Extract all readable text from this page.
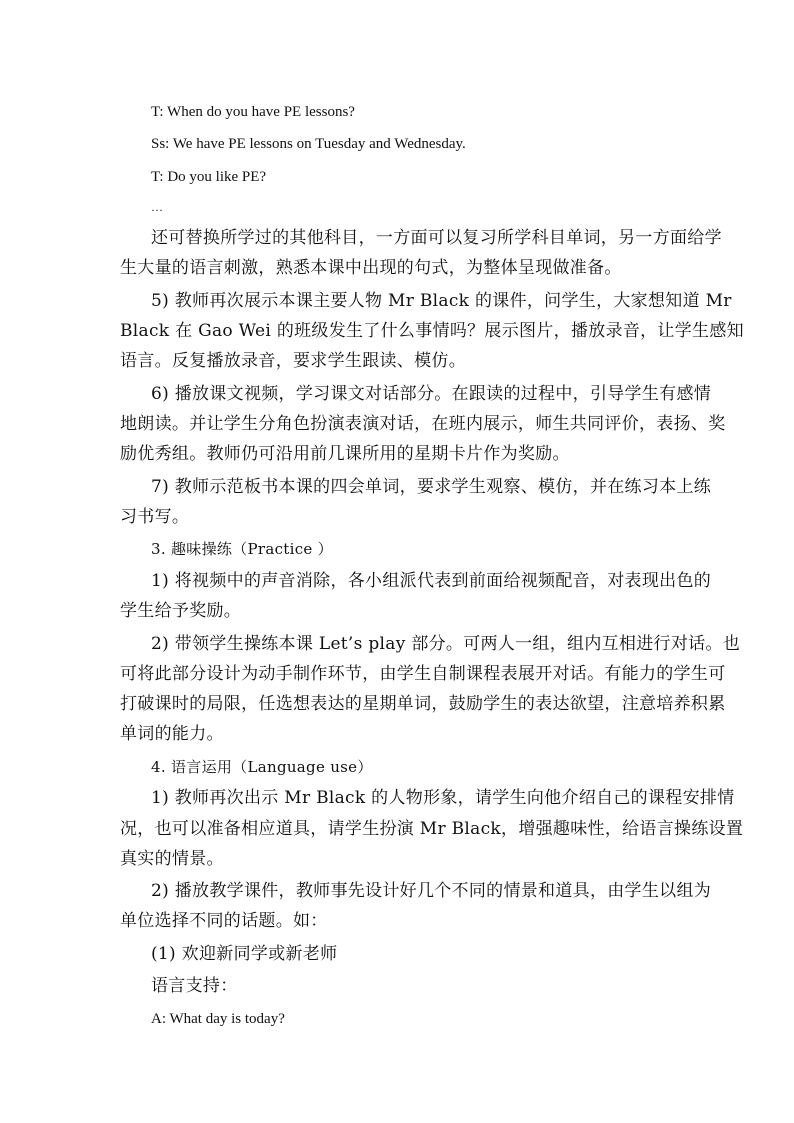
T: When do you have PE lessons?

Ss: We have PE lessons on Tuesday and Wednesday.

T: Do you like PE?

…

还可替换所学过的其他科目，一方面可以复习所学科目单词，另一方面给学

生大量的语言刺激，熟悉本课中出现的句式，为整体呈现做准备。

5) 教师再次展示本课主要人物 Mr Black 的课件，问学生，大家想知道 Mr

Black 在 Gao Wei 的班级发生了什么事情吗？展示图片，播放录音，让学生感知

语言。反复播放录音，要求学生跟读、模仿。

6) 播放课文视频，学习课文对话部分。在跟读的过程中，引导学生有感情

地朗读。并让学生分角色扮演表演对话，在班内展示，师生共同评价，表扬、奖

励优秀组。教师仍可沿用前几课所用的星期卡片作为奖励。

7) 教师示范板书本课的四会单词，要求学生观察、模仿，并在练习本上练

习书写。

3. 趣味操练（Practice ）

1) 将视频中的声音消除，各小组派代表到前面给视频配音，对表现出色的

学生给予奖励。

2) 带领学生操练本课 Let’s play 部分。可两人一组，组内互相进行对话。也

可将此部分设计为动手制作环节，由学生自制课程表展开对话。有能力的学生可

打破课时的局限，任选想表达的星期单词，鼓励学生的表达欲望，注意培养积累

单词的能力。

4. 语言运用（Language use）

1) 教师再次出示 Mr Black 的人物形象，请学生向他介绍自己的课程安排情

况，也可以准备相应道具，请学生扮演 Mr Black，增强趣味性，给语言操练设置

真实的情景。

2) 播放教学课件，教师事先设计好几个不同的情景和道具，由学生以组为

单位选择不同的话题。如：

(1) 欢迎新同学或新老师

语言支持：

A: What day is today?
